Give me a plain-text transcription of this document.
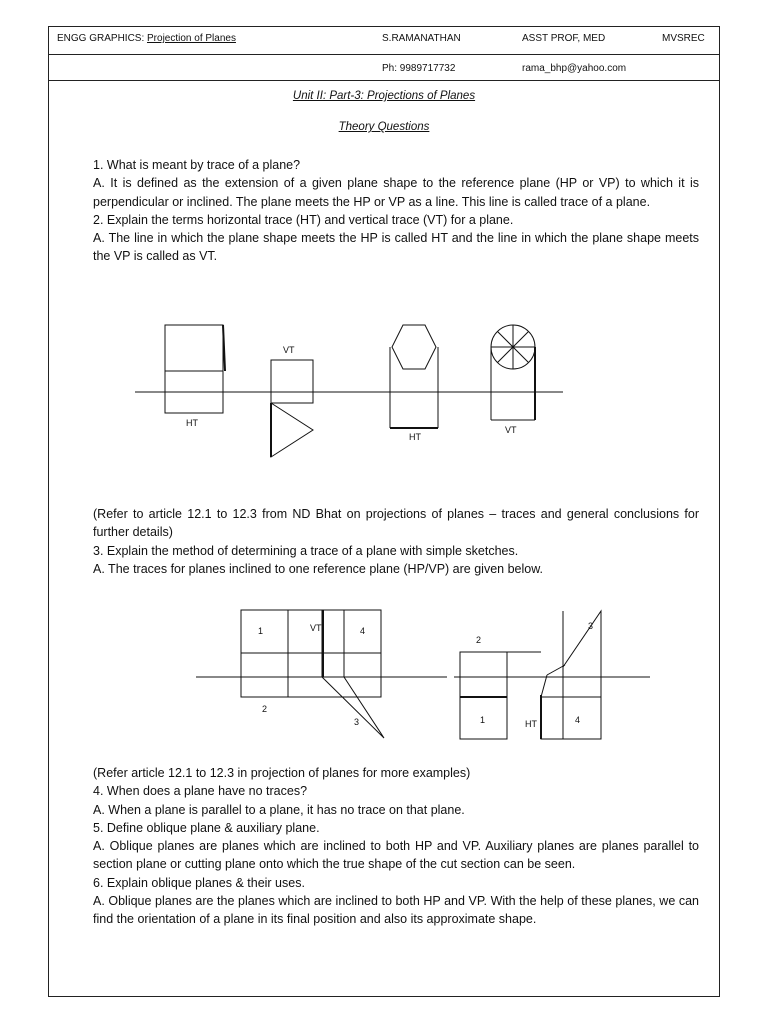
ENGG GRAPHICS: Projection of Planes	S.RAMANATHAN	ASST PROF, MED	MVSREC
Ph: 9989717732	rama_bhp@yahoo.com
Unit II: Part-3: Projections of Planes
Theory Questions
1. What is meant by trace of a plane?
A. It is defined as the extension of a given plane shape to the reference plane (HP or VP) to which it is perpendicular or inclined. The plane meets the HP or VP as a line. This line is called trace of a plane.
2. Explain the terms horizontal trace (HT) and vertical trace (VT) for a plane.
A. The line in which the plane shape meets the HP is called HT and the line in which the plane shape meets the VP is called as VT.
HT
VT
HT
VT
(Refer to article 12.1 to 12.3 from ND Bhat on projections of planes – traces and general conclusions for further details)
3. Explain the method of determining a trace of a plane with simple sketches.
A. The traces for planes inclined to one reference plane (HP/VP) are given below.
1	VT	4
2
3
3
2
1	HT	4
(Refer article 12.1 to 12.3 in projection of planes for more examples)
4. When does a plane have no traces?
A. When a plane is parallel to a plane, it has no trace on that plane.
5. Define oblique plane & auxiliary plane.
A. Oblique planes are planes which are inclined to both HP and VP. Auxiliary planes are planes parallel to section plane or cutting plane onto which the true shape of the cut section can be seen.
6. Explain oblique planes & their uses.
A. Oblique planes are the planes which are inclined to both HP and VP. With the help of these planes, we can find the orientation of a plane in its final position and also its approximate shape.
